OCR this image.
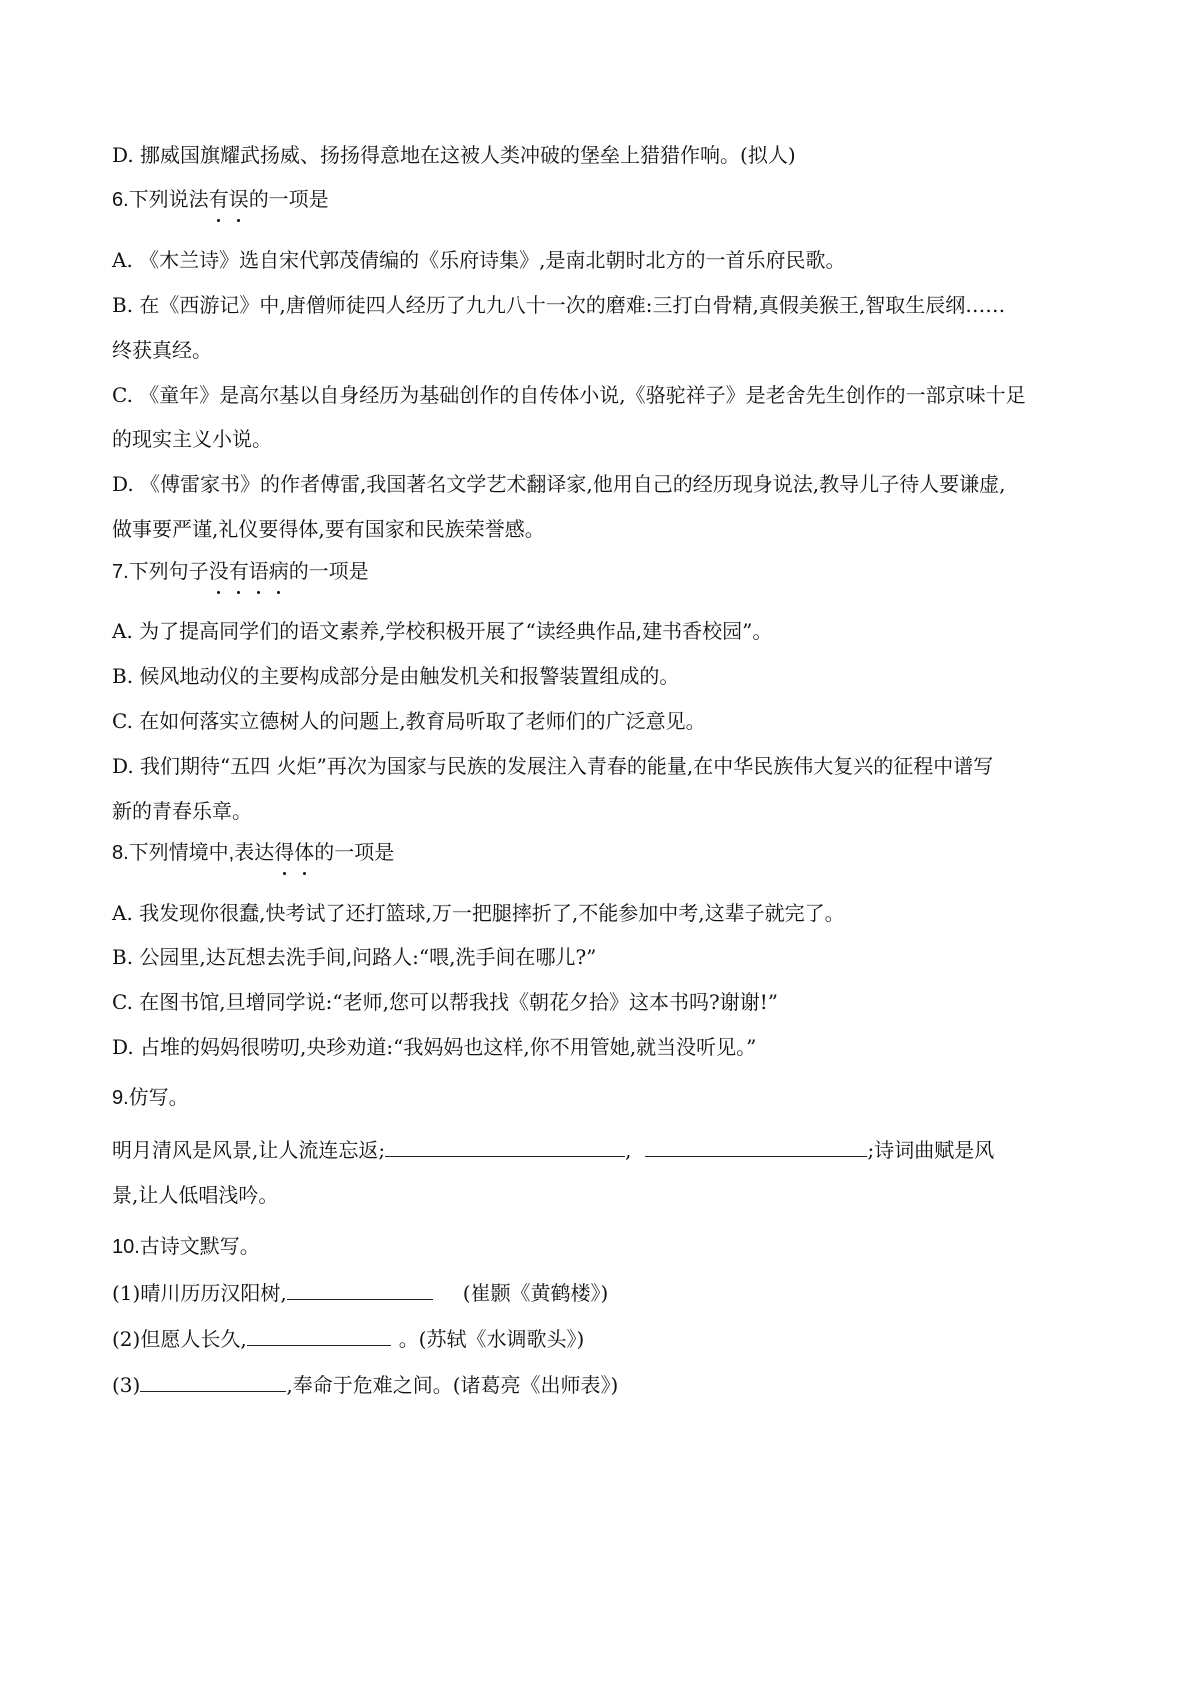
D. 挪威国旗耀武扬威、扬扬得意地在这被人类冲破的堡垒上猎猎作响。(拟人)
6.下列说法有误的一项是
A. 《木兰诗》选自宋代郭茂倩编的《乐府诗集》,是南北朝时北方的一首乐府民歌。
B. 在《西游记》中,唐僧师徒四人经历了九九八十一次的磨难:三打白骨精,真假美猴王,智取生辰纲……
终获真经。
C. 《童年》是高尔基以自身经历为基础创作的自传体小说,《骆驼祥子》是老舍先生创作的一部京味十足
的现实主义小说。
D. 《傅雷家书》的作者傅雷,我国著名文学艺术翻译家,他用自己的经历现身说法,教导儿子待人要谦虚,
做事要严谨,礼仪要得体,要有国家和民族荣誉感。
7.下列句子没有语病的一项是
A. 为了提高同学们的语文素养,学校积极开展了“读经典作品,建书香校园”。
B. 候风地动仪的主要构成部分是由触发机关和报警装置组成的。
C. 在如何落实立德树人的问题上,教育局听取了老师们的广泛意见。
D. 我们期待“五四 火炬”再次为国家与民族的发展注入青春的能量,在中华民族伟大复兴的征程中谱写
新的青春乐章。
8.下列情境中,表达得体的一项是
A. 我发现你很蠢,快考试了还打篮球,万一把腿摔折了,不能参加中考,这辈子就完了。
B. 公园里,达瓦想去洗手间,问路人:“喂,洗手间在哪儿?”
C. 在图书馆,旦增同学说:“老师,您可以帮我找《朝花夕拾》这本书吗?谢谢!”
D. 占堆的妈妈很唠叨,央珍劝道:“我妈妈也这样,你不用管她,就当没听见。”
9.仿写。
明月清风是风景,让人流连忘返;	,	;诗词曲赋是风
景,让人低唱浅吟。
10.古诗文默写。
(1)晴川历历汉阳树,	(崔颢《黄鹤楼》)
(2)但愿人长久,	。(苏轼《水调歌头》)
(3)	,奉命于危难之间。(诸葛亮《出师表》)
